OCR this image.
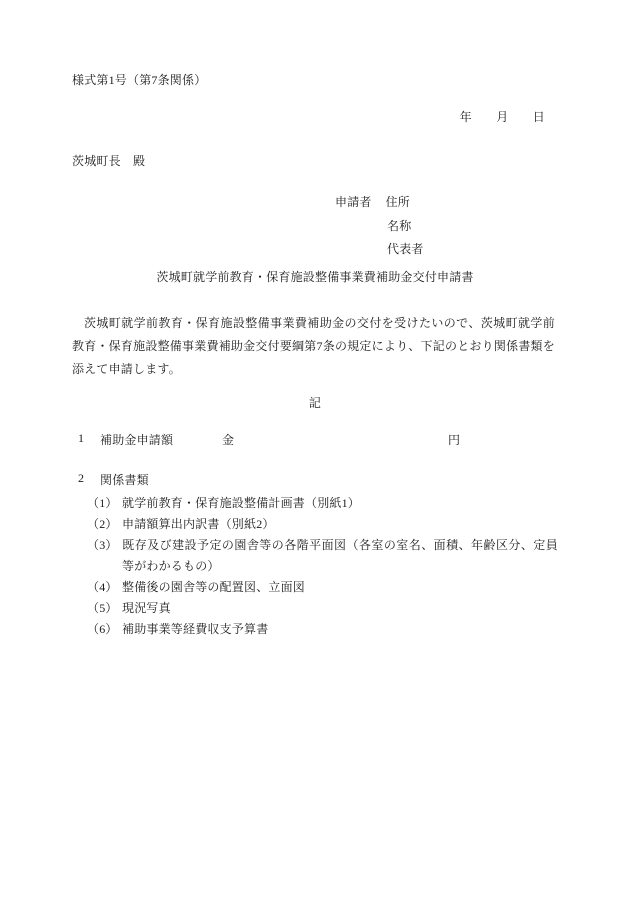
様式第1号（第7条関係）
年　　月　　日
茨城町長　殿
申請者 住所
名称
代表者
茨城町就学前教育・保育施設整備事業費補助金交付申請書
茨城町就学前教育・保育施設整備事業費補助金の交付を受けたいので、茨城町就学前教育・保育施設整備事業費補助金交付要綱第7条の規定により、下記のとおり関係書類を添えて申請します。
記
1 補助金申請額	金	円
2 関係書類
（1） 就学前教育・保育施設整備計画書（別紙1）
（2） 申請額算出内訳書（別紙2）
（3） 既存及び建設予定の園舎等の各階平面図（各室の室名、面積、年齢区分、定員等がわかるもの）
（4） 整備後の園舎等の配置図、立面図
（5） 現況写真
（6） 補助事業等経費収支予算書
